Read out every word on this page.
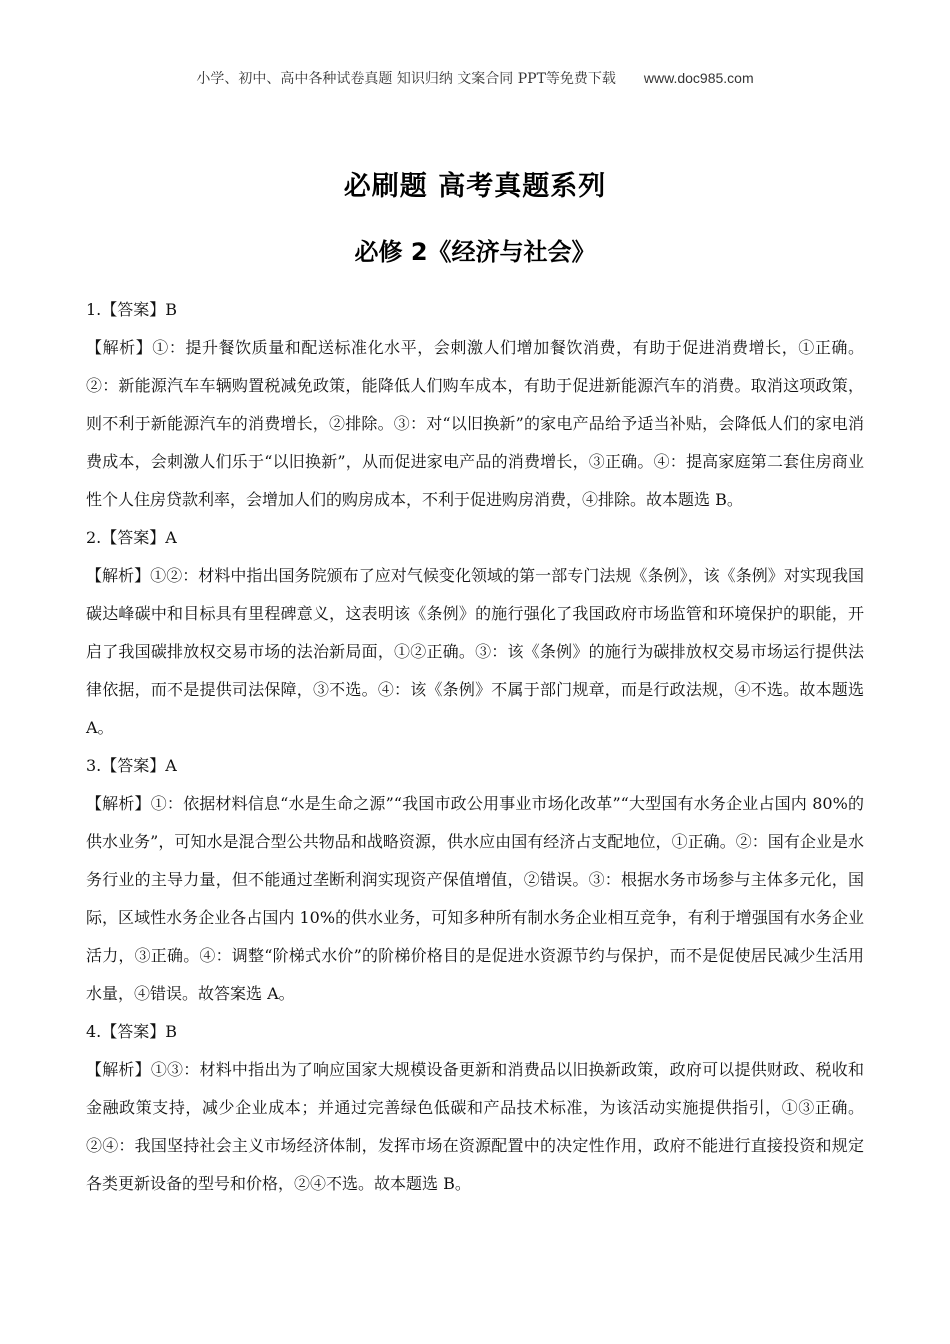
小学、初中、高中各种试卷真题 知识归纳 文案合同 PPT等免费下载 www.doc985.com
必刷题 高考真题系列
必修 2《经济与社会》

1.【答案】B

【解析】①：提升餐饮质量和配送标准化水平，会刺激人们增加餐饮消费，有助于促进消费增长，①正确。②：新能源汽车车辆购置税减免政策，能降低人们购车成本，有助于促进新能源汽车的消费。取消这项政策，则不利于新能源汽车的消费增长，②排除。③：对“以旧换新”的家电产品给予适当补贴，会降低人们的家电消费成本，会刺激人们乐于“以旧换新”，从而促进家电产品的消费增长，③正确。④：提高家庭第二套住房商业性个人住房贷款利率，会增加人们的购房成本，不利于促进购房消费，④排除。故本题选 B。

2.【答案】A

【解析】①②：材料中指出国务院颁布了应对气候变化领域的第一部专门法规《条例》，该《条例》对实现我国碳达峰碳中和目标具有里程碑意义，这表明该《条例》的施行强化了我国政府市场监管和环境保护的职能，开启了我国碳排放权交易市场的法治新局面，①②正确。③：该《条例》的施行为碳排放权交易市场运行提供法律依据，而不是提供司法保障，③不选。④：该《条例》不属于部门规章，而是行政法规，④不选。故本题选 A。

3.【答案】A

【解析】①：依据材料信息“水是生命之源”“我国市政公用事业市场化改革”“大型国有水务企业占国内 80%的供水业务”，可知水是混合型公共物品和战略资源，供水应由国有经济占支配地位，①正确。②：国有企业是水务行业的主导力量，但不能通过垄断利润实现资产保值增值，②错误。③：根据水务市场参与主体多元化，国际，区域性水务企业各占国内 10%的供水业务，可知多种所有制水务企业相互竞争，有利于增强国有水务企业活力，③正确。④：调整“阶梯式水价”的阶梯价格目的是促进水资源节约与保护，而不是促使居民减少生活用水量，④错误。故答案选 A。

4.【答案】B

【解析】①③：材料中指出为了响应国家大规模设备更新和消费品以旧换新政策，政府可以提供财政、税收和金融政策支持，减少企业成本；并通过完善绿色低碳和产品技术标准，为该活动实施提供指引，①③正确。②④：我国坚持社会主义市场经济体制，发挥市场在资源配置中的决定性作用，政府不能进行直接投资和规定各类更新设备的型号和价格，②④不选。故本题选 B。
